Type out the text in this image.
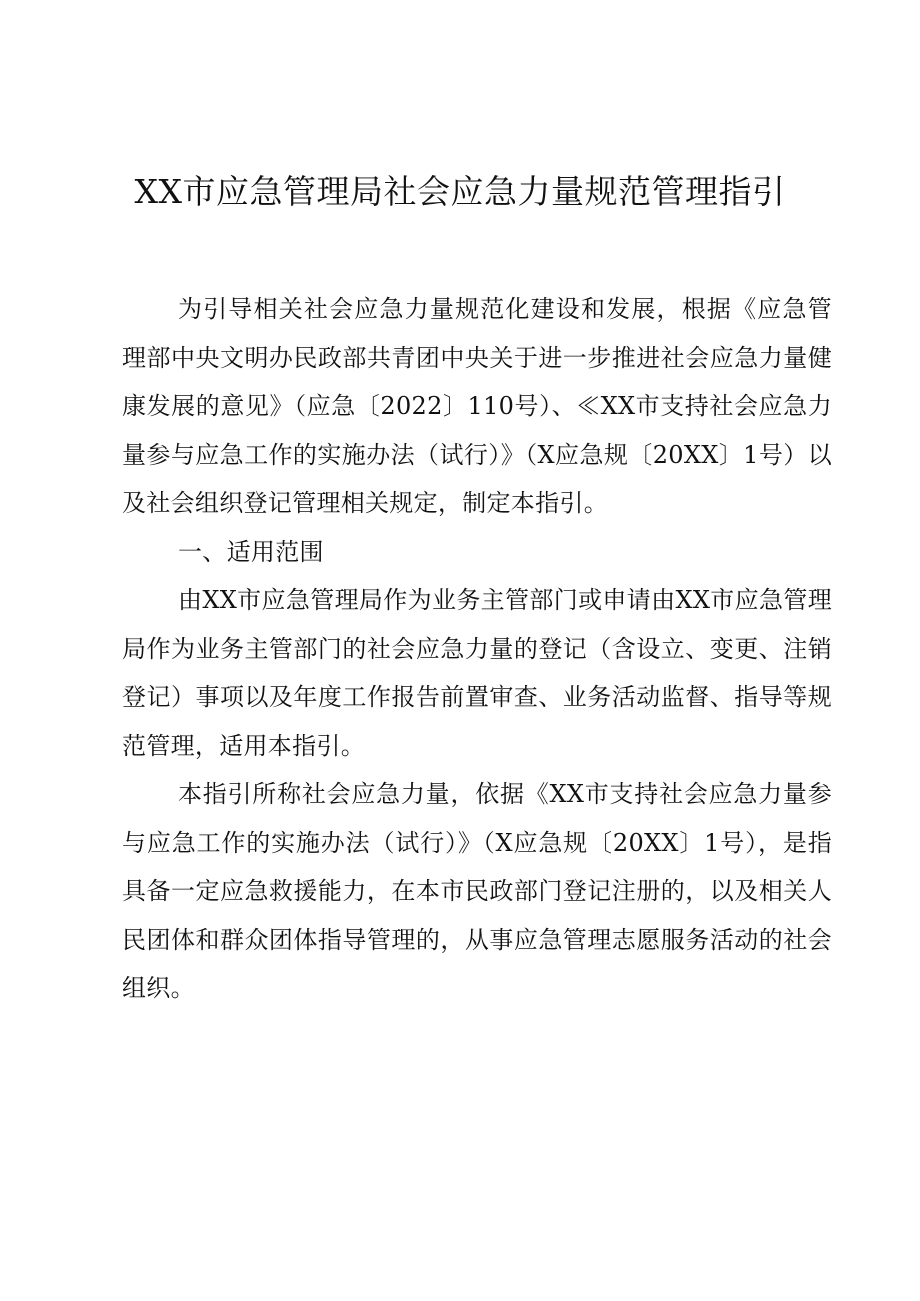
XX市应急管理局社会应急力量规范管理指引

为引导相关社会应急力量规范化建设和发展，根据《应急管理部中央文明办民政部共青团中央关于进一步推进社会应急力量健康发展的意见》（应急〔2022〕110号）、≪XX市支持社会应急力量参与应急工作的实施办法（试行）》（X应急规〔20XX〕1号）以及社会组织登记管理相关规定，制定本指引。

一、适用范围

由XX市应急管理局作为业务主管部门或申请由XX市应急管理局作为业务主管部门的社会应急力量的登记（含设立、变更、注销登记）事项以及年度工作报告前置审查、业务活动监督、指导等规范管理，适用本指引。

本指引所称社会应急力量，依据《XX市支持社会应急力量参与应急工作的实施办法（试行）》（X应急规〔20XX〕1号），是指具备一定应急救援能力，在本市民政部门登记注册的，以及相关人民团体和群众团体指导管理的，从事应急管理志愿服务活动的社会组织。
